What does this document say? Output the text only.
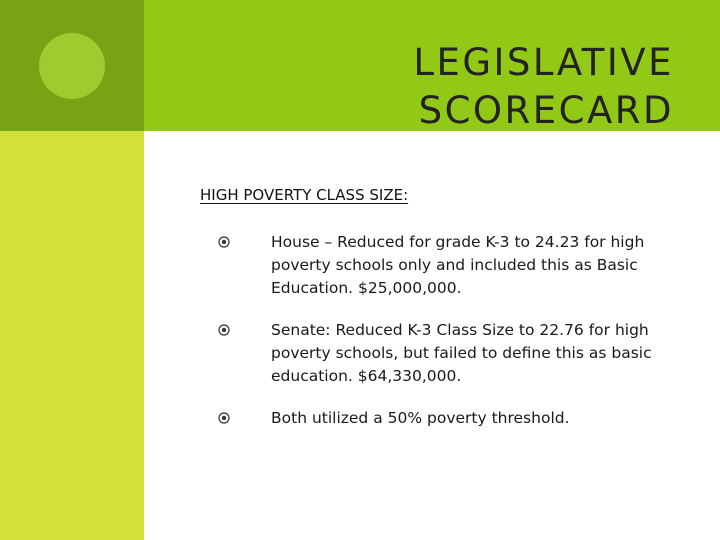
LEGISLATIVE
SCORECARD

HIGH POVERTY CLASS SIZE:

House – Reduced for grade K-3 to 24.23 for high poverty schools only and included this as Basic Education. $25,000,000.
Senate: Reduced K-3 Class Size to 22.76 for high poverty schools, but failed to define this as basic education. $64,330,000.
Both utilized a 50% poverty threshold.
